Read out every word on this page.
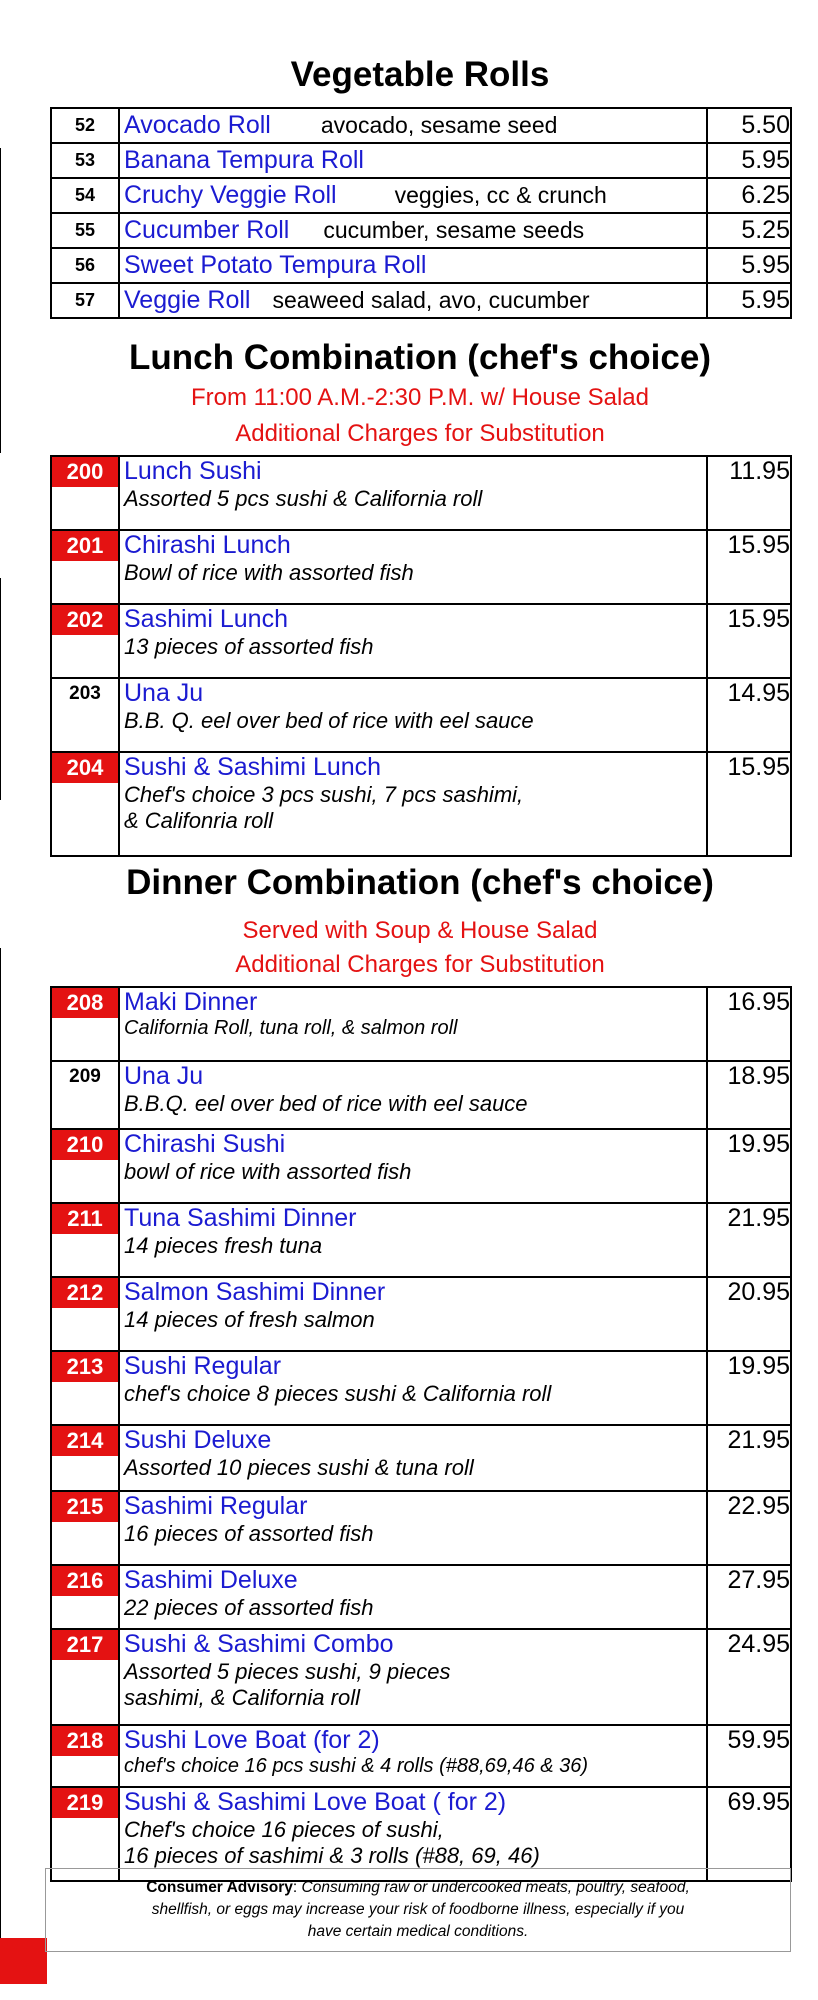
Vegetable Rolls
52	Avocado Roll avocado, sesame seed	5.50
53	Banana Tempura Roll	5.95
54	Cruchy Veggie Roll veggies, cc & crunch	6.25
55	Cucumber Roll cucumber, sesame seeds	5.25
56	Sweet Potato Tempura Roll	5.95
57	Veggie Roll seaweed salad, avo, cucumber	5.95
Lunch Combination (chef's choice)
From 11:00 A.M.-2:30 P.M. w/ House Salad
Additional Charges for Substitution
200	Lunch Sushi
Assorted 5 pcs sushi & California roll	11.95

201	Chirashi Lunch
Bowl of rice with assorted fish	15.95

202	Sashimi Lunch
13 pieces of assorted fish	15.95

203	Una Ju
B.B. Q. eel over bed of rice with eel sauce	14.95

204	Sushi & Sashimi Lunch
Chef's choice 3 pcs sushi, 7 pcs sashimi,
& Califonria roll	15.95
Dinner Combination (chef's choice)
Served with Soup & House Salad
Additional Charges for Substitution
208	Maki Dinner
California Roll, tuna roll, & salmon roll	16.95

209	Una Ju
B.B.Q. eel over bed of rice with eel sauce	18.95

210	Chirashi Sushi
bowl of rice with assorted fish	19.95

211	Tuna Sashimi Dinner
14 pieces fresh tuna	21.95

212	Salmon Sashimi Dinner
14 pieces of fresh salmon	20.95

213	Sushi Regular
chef's choice 8 pieces sushi & California roll	19.95

214	Sushi Deluxe
Assorted 10 pieces sushi & tuna roll	21.95

215	Sashimi Regular
16 pieces of assorted fish	22.95

216	Sashimi Deluxe
22 pieces of assorted fish	27.95

217	Sushi & Sashimi Combo
Assorted 5 pieces sushi, 9 pieces
sashimi, & California roll	24.95

218	Sushi Love Boat (for 2)
chef's choice 16 pcs sushi & 4 rolls (#88,69,46 & 36)	59.95

219	Sushi & Sashimi Love Boat ( for 2)
Chef's choice 16 pieces of sushi,
16 pieces of sashimi & 3 rolls (#88, 69, 46)	69.95
Consumer Advisory: Consuming raw or undercooked meats, poultry, seafood,
shellfish, or eggs may increase your risk of foodborne illness, especially if you
have certain medical conditions.
